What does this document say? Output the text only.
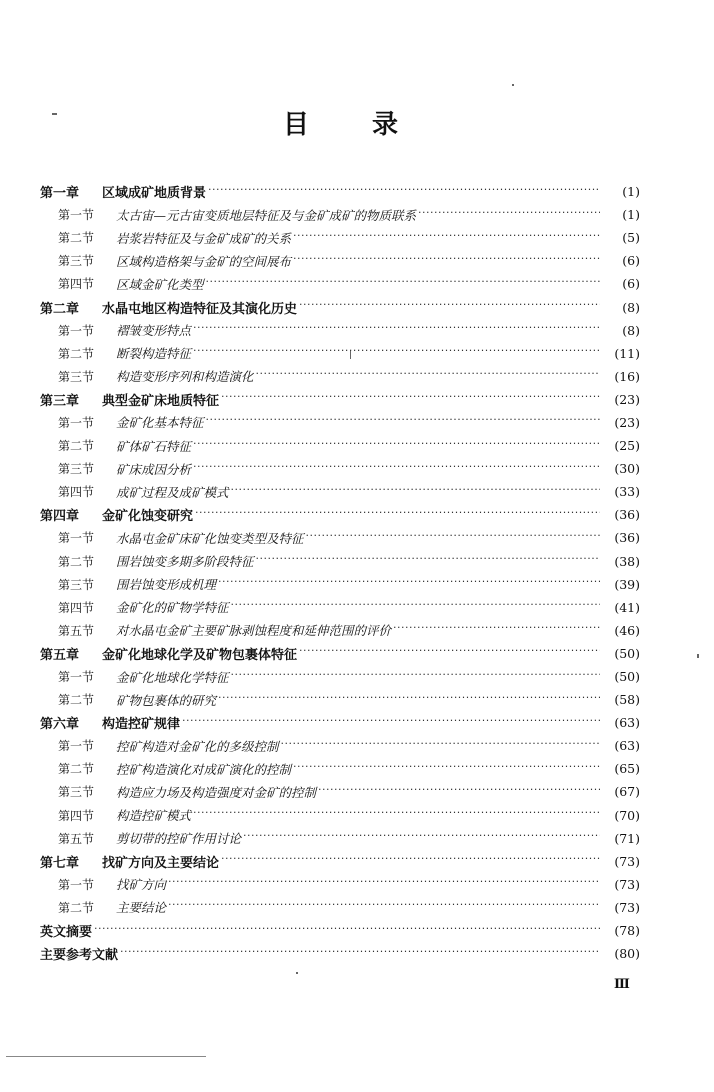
目 录
第一章	区域成矿地质背景 ·····	(1)
第一节	太古宙—元古宙变质地层特征及与金矿成矿的物质联系 ·····	(1)
第二节	岩浆岩特征及与金矿成矿的关系 ·····	(5)
第三节	区域构造格架与金矿的空间展布 ·····	(6)
第四节	区域金矿化类型 ·····	(6)
第二章	水晶屯地区构造特征及其演化历史 ·····	(8)
第一节	褶皱变形特点 ·····	(8)
第二节	断裂构造特征 ·····	(11)
第三节	构造变形序列和构造演化 ·····	(16)
第三章	典型金矿床地质特征 ·····	(23)
第一节	金矿化基本特征 ·····	(23)
第二节	矿体矿石特征 ·····	(25)
第三节	矿床成因分析 ·····	(30)
第四节	成矿过程及成矿模式 ·····	(33)
第四章	金矿化蚀变研究 ·····	(36)
第一节	水晶屯金矿床矿化蚀变类型及特征 ·····	(36)
第二节	围岩蚀变多期多阶段特征 ·····	(38)
第三节	围岩蚀变形成机理 ·····	(39)
第四节	金矿化的矿物学特征 ·····	(41)
第五节	对水晶屯金矿主要矿脉剥蚀程度和延伸范围的评价 ·····	(46)
第五章	金矿化地球化学及矿物包裹体特征 ·····	(50)
第一节	金矿化地球化学特征 ·····	(50)
第二节	矿物包裹体的研究 ·····	(58)
第六章	构造控矿规律 ·····	(63)
第一节	控矿构造对金矿化的多级控制 ·····	(63)
第二节	控矿构造演化对成矿演化的控制 ·····	(65)
第三节	构造应力场及构造强度对金矿的控制 ·····	(67)
第四节	构造控矿模式 ·····	(70)
第五节	剪切带的控矿作用讨论 ·····	(71)
第七章	找矿方向及主要结论 ·····	(73)
第一节	找矿方向 ·····	(73)
第二节	主要结论 ·····	(73)
英文摘要 ·····	(78)
主要参考文献 ·····	(80)
Ⅲ
